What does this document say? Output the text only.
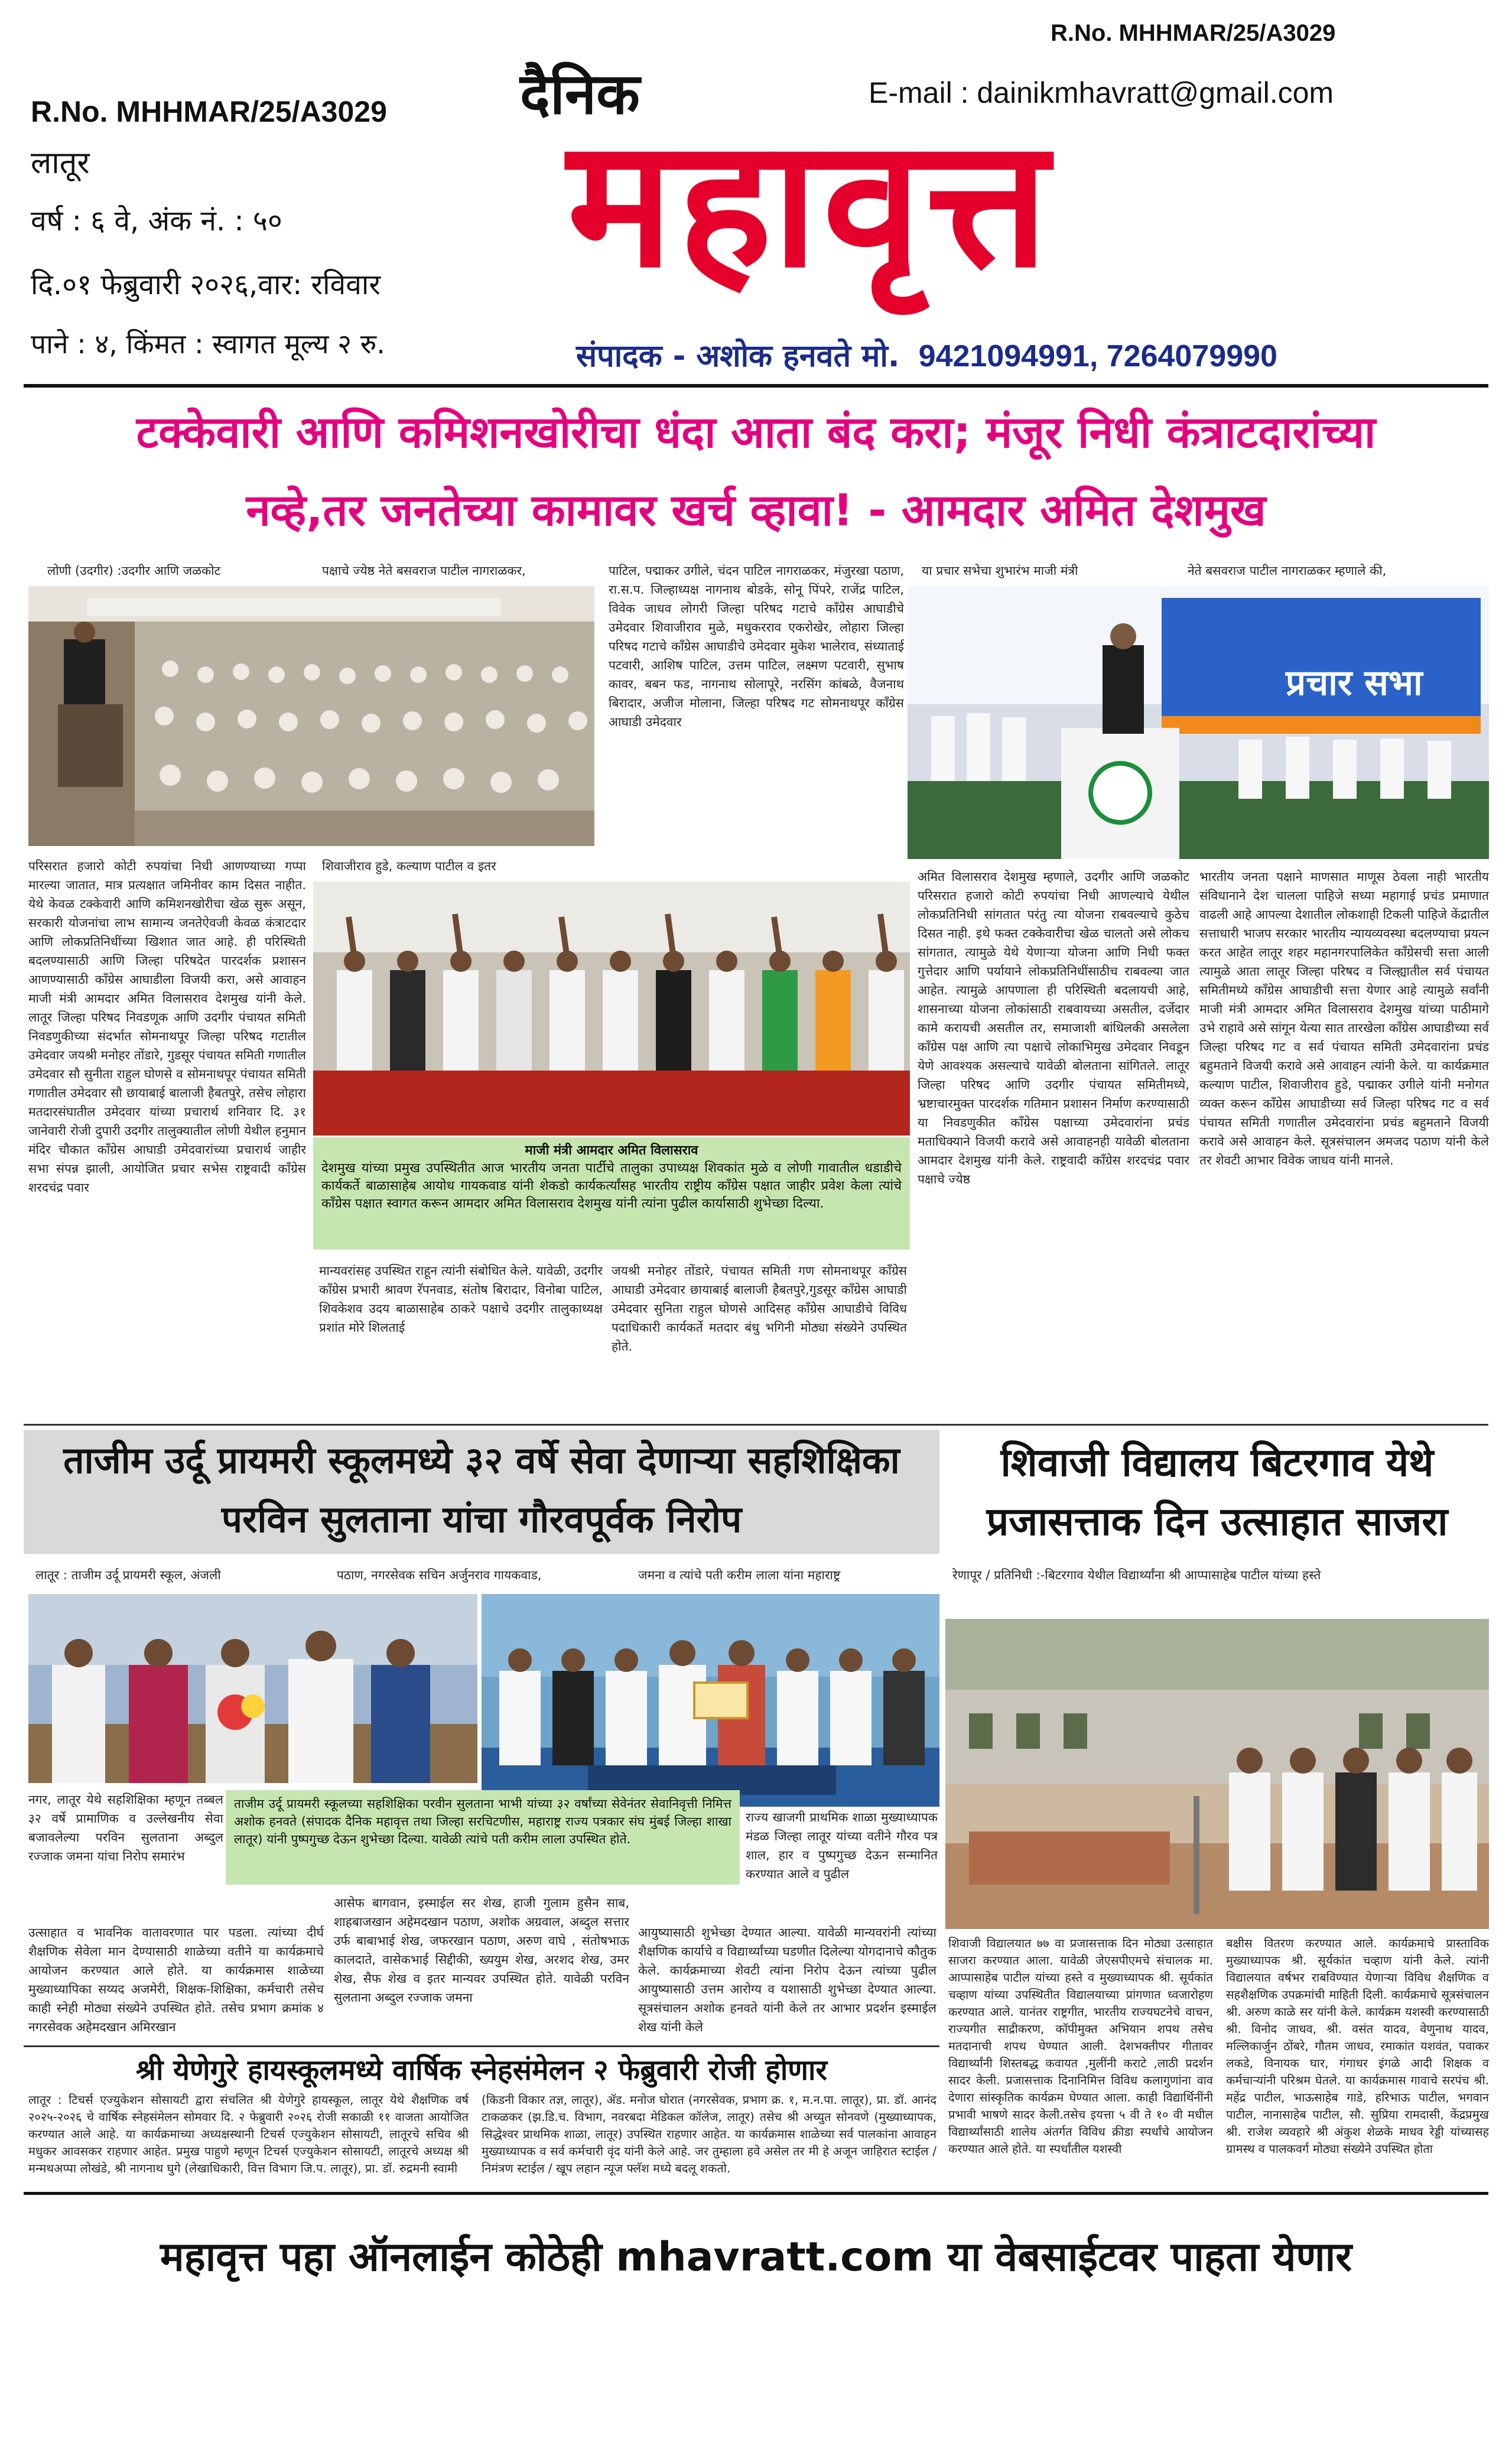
R.No. MHHMAR/25/A3029
लातूर
वर्ष : ६ वे, अंक नं. : ५०
दि.०१ फेब्रुवारी २०२६,वार: रविवार
पाने : ४, किंमत : स्वागत मूल्य २ रु.
दैनिक
महावृत्त
R.No. MHHMAR/25/A3029
E-mail : dainikmhavratt@gmail.com
संपादक - अशोक हनवते मो. 9421094991, 7264079990
टक्केवारी आणि कमिशनखोरीचा धंदा आता बंद करा; मंजूर निधी कंत्राटदारांच्या
नव्हे,तर जनतेच्या कामावर खर्च व्हावा! - आमदार अमित देशमुख
लोणी (उदगीर) :उदगीर आणि जळकोट	पक्षाचे ज्येष्ठ नेते बसवराज पाटील नागराळकर,	पाटिल, पद्माकर उगीले, चंदन पाटिल नागराळकर, मंजुरखा पठाण, रा.स.प. जिल्हाध्यक्ष नागनाथ बोडके, सोनू पिंपरे, राजेंद्र पाटिल, विवेक जाधव लोगरी जिल्हा परिषद गटाचे काँग्रेस आघाडीचे उमेदवार शिवाजीराव मुळे, मधुकरराव एकरोखेर, लोहारा जिल्हा परिषद गटाचे काँग्रेस आघाडीचे उमेदवार मुकेश भालेराव, संध्याताई पटवारी, आशिष पाटिल, उत्तम पाटिल, लक्ष्मण पटवारी, सुभाष कावर, बबन फड, नागनाथ सोलापूरे, नरसिंग कांबळे, वैजनाथ बिरादार, अजीज मोलाना, जिल्हा परिषद गट सोमनाथपूर काँग्रेस आघाडी उमेदवार
या प्रचार सभेचा शुभारंभ माजी मंत्री	नेते बसवराज पाटील नागराळकर म्हणाले की,
प्रचार सभा
परिसरात हजारो कोटी रुपयांचा निधी आणण्याच्या गप्पा मारल्या जातात, मात्र प्रत्यक्षात जमिनीवर काम दिसत नाहीत. येथे केवळ टक्केवारी आणि कमिशनखोरीचा खेळ सुरू असून, सरकारी योजनांचा लाभ सामान्य जनतेऐवजी केवळ कंत्राटदार आणि लोकप्रतिनिधींच्या खिशात जात आहे. ही परिस्थिती बदलण्यासाठी आणि जिल्हा परिषदेत पारदर्शक प्रशासन आणण्यासाठी काँग्रेस आघाडीला विजयी करा, असे आवाहन माजी मंत्री आमदार अमित विलासराव देशमुख यांनी केले. लातूर जिल्हा परिषद निवडणूक आणि उदगीर पंचायत समिती निवडणुकीच्या संदर्भात सोमनाथपूर जिल्हा परिषद गटातील उमेदवार जयश्री मनोहर तोंडारे, गुडसूर पंचायत समिती गणातील उमेदवार सौ सुनीता राहुल घोणसे व सोमनाथपूर पंचायत समिती गणातील उमेदवार सौ छायाबाई बालाजी हैबतपुरे, तसेच लोहारा मतदारसंघातील उमेदवार यांच्या प्रचारार्थ शनिवार दि. ३१ जानेवारी रोजी दुपारी उदगीर तालुक्यातील लोणी येथील हनुमान मंदिर चौकात काँग्रेस आघाडी उमेदवारांच्या प्रचारार्थ जाहीर सभा संपन्न झाली, आयोजित प्रचार सभेस राष्ट्रवादी काँग्रेस शरदचंद्र पवार
शिवाजीराव हुडे, कल्याण पाटील व इतर
अमित विलासराव देशमुख म्हणाले, उदगीर आणि जळकोट परिसरात हजारो कोटी रुपयांचा निधी आणल्याचे येथील लोकप्रतिनिधी सांगतात परंतु त्या योजना राबवल्याचे कुठेच दिसत नाही. इथे फक्त टक्केवारीचा खेळ चालतो असे लोकच सांगतात, त्यामुळे येथे येणाऱ्या योजना आणि निधी फक्त गुत्तेदार आणि पर्यायाने लोकप्रतिनिधींसाठीच राबवल्या जात आहेत. त्यामुळे आपणाला ही परिस्थिती बदलायची आहे, शासनाच्या योजना लोकांसाठी राबवायच्या असतील, दर्जेदार कामे करायची असतील तर, समाजाशी बांधिलकी असलेला काँग्रेस पक्ष आणि त्या पक्षाचे लोकाभिमुख उमेदवार निवडून येणे आवश्यक असल्याचे यावेळी बोलताना सांगितले. लातूर जिल्हा परिषद आणि उदगीर पंचायत समितीमध्ये, भ्रष्टाचारमुक्त पारदर्शक गतिमान प्रशासन निर्माण करण्यासाठी या निवडणुकीत काँग्रेस पक्षाच्या उमेदवारांना प्रचंड मताधिक्याने विजयी करावे असे आवाहनही यावेळी बोलताना आमदार देशमुख यांनी केले. राष्ट्रवादी काँग्रेस शरदचंद्र पवार पक्षाचे ज्येष्ठ
भारतीय जनता पक्षाने माणसात माणूस ठेवला नाही भारतीय संविधानाने देश चालला पाहिजे सध्या महागाई प्रचंड प्रमाणात वाढली आहे आपल्या देशातील लोकशाही टिकली पाहिजे केंद्रातील सत्ताधारी भाजप सरकार भारतीय न्यायव्यवस्था बदलण्याचा प्रयत्न करत आहेत लातूर शहर महानगरपालिकेत काँग्रेसची सत्ता आली त्यामुळे आता लातूर जिल्हा परिषद व जिल्ह्यातील सर्व पंचायत समितीमध्ये काँग्रेस आघाडीची सत्ता येणार आहे त्यामुळे सर्वांनी माजी मंत्री आमदार अमित विलासराव देशमुख यांच्या पाठीमागे उभे राहावे असे सांगून येत्या सात तारखेला काँग्रेस आघाडीच्या सर्व जिल्हा परिषद गट व सर्व पंचायत समिती उमेदवारांना प्रचंड बहुमताने विजयी करावे असे आवाहन त्यांनी केले. या कार्यक्रमात कल्याण पाटील, शिवाजीराव हुडे, पद्माकर उगीले यांनी मनोगत व्यक्त करून काँग्रेस आघाडीच्या सर्व जिल्हा परिषद गट व सर्व पंचायत समिती गणातील उमेदवारांना प्रचंड बहुमताने विजयी करावे असे आवाहन केले. सूत्रसंचालन अमजद पठाण यांनी केले तर शेवटी आभार विवेक जाधव यांनी मानले.
माजी मंत्री आमदार अमित विलासराव
देशमुख यांच्या प्रमुख उपस्थितीत आज भारतीय जनता पार्टीचे तालुका उपाध्यक्ष शिवकांत मुळे व लोणी गावातील धडाडीचे कार्यकर्ते बाळासाहेब आयोध गायकवाड यांनी शेकडो कार्यकर्त्यांसह भारतीय राष्ट्रीय काँग्रेस पक्षात जाहीर प्रवेश केला त्यांचे काँग्रेस पक्षात स्वागत करून आमदार अमित विलासराव देशमुख यांनी त्यांना पुढील कार्यासाठी शुभेच्छा दिल्या.
मान्यवरांसह उपस्थित राहून त्यांनी संबोधित केले. यावेळी, उदगीर काँग्रेस प्रभारी श्रावण रॅपनवाड, संतोष बिरादार, विनोबा पाटिल, शिवकेशव उदय बाळासाहेब ठाकरे पक्षाचे उदगीर तालुकाध्यक्ष प्रशांत मोरे शिलताई
जयश्री मनोहर तोंडारे, पंचायत समिती गण सोमनाथपूर काँग्रेस आघाडी उमेदवार छायाबाई बालाजी हैबतपुरे,गुडसूर काँग्रेस आघाडी उमेदवार सुनिता राहुल घोणसे आदिसह काँग्रेस आघाडीचे विविध पदाधिकारी कार्यकर्ते मतदार बंधु भगिनी मोठ्या संख्येने उपस्थित होते.
ताजीम उर्दू प्रायमरी स्कूलमध्ये ३२ वर्षे सेवा देणाऱ्या सहशिक्षिका
परविन सुलताना यांचा गौरवपूर्वक निरोप
लातूर : ताजीम उर्दू प्रायमरी स्कूल, अंजली	पठाण, नगरसेवक सचिन अर्जुनराव गायकवाड,	जमना व त्यांचे पती करीम लाला यांना महाराष्ट्र
नगर, लातूर येथे सहशिक्षिका म्हणून तब्बल ३२ वर्षे प्रामाणिक व उल्लेखनीय सेवा बजावलेल्या परविन सुलताना अब्दुल रज्जाक जमना यांचा निरोप समारंभ
ताजीम उर्दू प्रायमरी स्कूलच्या सहशिक्षिका परवीन सुलताना भाभी यांच्या ३२ वर्षांच्या सेवेनंतर सेवानिवृत्ती निमित्त अशोक हनवते (संपादक दैनिक महावृत्त तथा जिल्हा सरचिटणीस, महाराष्ट्र राज्य पत्रकार संघ मुंबई जिल्हा शाखा लातूर) यांनी पुष्पगुच्छ देऊन शुभेच्छा दिल्या. यावेळी त्यांचे पती करीम लाला उपस्थित होते.
राज्य खाजगी प्राथमिक शाळा मुख्याध्यापक मंडळ जिल्हा लातूर यांच्या वतीने गौरव पत्र शाल, हार व पुष्पगुच्छ देऊन सन्मानित करण्यात आले व पुढील
उत्साहात व भावनिक वातावरणात पार पडला. त्यांच्या दीर्घ शैक्षणिक सेवेला मान देण्यासाठी शाळेच्या वतीने या कार्यक्रमाचे आयोजन करण्यात आले होते. या कार्यक्रमास शाळेच्या मुख्याध्यापिका सय्यद अजमेरी, शिक्षक-शिक्षिका, कर्मचारी तसेच काही स्नेही मोठ्या संख्येने उपस्थित होते. तसेच प्रभाग क्रमांक ४ नगरसेवक अहेमदखान अमिरखान
आसेफ बागवान, इस्माईल सर शेख, हाजी गुलाम हुसैन साब, शाहबाजखान अहेमदखान पठाण, अशोक अग्रवाल, अब्दुल सत्तार उर्फ बाबाभाई शेख, जफरखान पठाण, अरुण वाघे , संतोषभाऊ कालदाते, वासेकभाई सिद्दीकी, ख्ययुम शेख, अरशद शेख, उमर शेख, सैफ शेख व इतर मान्यवर उपस्थित होते. यावेळी परविन सुलताना अब्दुल रज्जाक जमना
आयुष्यासाठी शुभेच्छा देण्यात आल्या. यावेळी मान्यवरांनी त्यांच्या शैक्षणिक कार्याचे व विद्यार्थ्यांच्या घडणीत दिलेल्या योगदानाचे कौतुक केले. कार्यक्रमाच्या शेवटी त्यांना निरोप देऊन त्यांच्या पुढील आयुष्यासाठी उत्तम आरोग्य व यशासाठी शुभेच्छा देण्यात आल्या. सूत्रसंचालन अशोक हनवते यांनी केले तर आभार प्रदर्शन इस्माईल शेख यांनी केले
शिवाजी विद्यालय बिटरगाव येथे
प्रजासत्ताक दिन उत्साहात साजरा
रेणापूर / प्रतिनिधी :-बिटरगाव येथील विद्यार्थ्यांना श्री आप्पासाहेब पाटील यांच्या हस्ते
शिवाजी विद्यालयात ७७ वा प्रजासत्ताक दिन मोठ्या उत्साहात साजरा करण्यात आला. यावेळी जेएसपीएमचे संचालक मा. आप्पासाहेब पाटील यांच्या हस्ते व मुख्याध्यापक श्री. सूर्यकांत चव्हाण यांच्या उपस्थितीत विद्यालयाच्या प्रांगणात ध्वजारोहण करण्यात आले. यानंतर राष्ट्रगीत, भारतीय राज्यघटनेचे वाचन, राज्यगीत साद्रीकरण, कॉपीमुक्त अभियान शपथ तसेच मतदानाची शपथ घेण्यात आली. देशभक्तीपर गीतावर विद्यार्थ्यांनी शिस्तबद्ध कवायत ,मुलींनी कराटे ,लाठी प्रदर्शन सादर केली. प्रजासत्ताक दिनानिमित्त विविध कलागुणांना वाव देणारा सांस्कृतिक कार्यक्रम घेण्यात आला. काही विद्यार्थिनींनी प्रभावी भाषणे सादर केली.तसेच इयत्ता ५ वी ते १० वी मधील विद्यार्थ्यांसाठी शालेय अंतर्गत विविध क्रीडा स्पर्धांचे आयोजन करण्यात आले होते. या स्पर्धांतील यशस्वी
बक्षीस वितरण करण्यात आले. कार्यक्रमाचे प्रास्ताविक मुख्याध्यापक श्री. सूर्यकांत चव्हाण यांनी केले. त्यांनी विद्यालयात वर्षभर राबविण्यात येणाऱ्या विविध शैक्षणिक व सहशैक्षणिक उपक्रमांची माहिती दिली. कार्यक्रमाचे सूत्रसंचालन श्री. अरुण काळे सर यांनी केले. कार्यक्रम यशस्वी करण्यासाठी श्री. विनोद जाधव, श्री. वसंत यादव, वेणुनाथ यादव, मल्लिकार्जुन ठोंबरे, गौतम जाधव, रमाकांत यशवंत, पवाकर लकडे, विनायक घार, गंगाधर इंगळे आदी शिक्षक व कर्मचाऱ्यांनी परिश्रम घेतले. या कार्यक्रमास गावाचे सरपंच श्री. महेंद्र पाटील, भाऊसाहेब गाडे, हरिभाऊ पाटील, भगवान पाटील, नानासाहेब पाटील, सौ. सुप्रिया रामदासी, केंद्रप्रमुख श्री. राजेश व्यवहारे श्री अंकुश शेळके माधव रेड्डी यांच्यासह ग्रामस्थ व पालकवर्ग मोठ्या संख्येने उपस्थित होता
श्री येणेगुरे हायस्कूलमध्ये वार्षिक स्नेहसंमेलन २ फेब्रुवारी रोजी होणार
लातूर : टिचर्स एज्युकेशन सोसायटी द्वारा संचलित श्री येणेगुरे हायस्कूल, लातूर येथे शैक्षणिक वर्ष २०२५-२०२६ चे वार्षिक स्नेहसंमेलन सोमवार दि. २ फेब्रुवारी २०२६ रोजी सकाळी ११ वाजता आयोजित करण्यात आले आहे. या कार्यक्रमाच्या अध्यक्षस्थानी टिचर्स एज्युकेशन सोसायटी, लातूरचे सचिव श्री मधुकर आवसकर राहणार आहेत. प्रमुख पाहुणे म्हणून टिचर्स एज्युकेशन सोसायटी, लातूरचे अध्यक्ष श्री मन्मथअप्पा लोखंडे, श्री नागनाथ घुगे (लेखाधिकारी, वित्त विभाग जि.प. लातूर), प्रा. डॉ. रुद्रमनी स्वामी
(किडनी विकार तज्ञ, लातूर), ॲड. मनोज घोरात (नगरसेवक, प्रभाग क्र. १, म.न.पा. लातूर), प्रा. डॉ. आनंद टाकळकर (झ.डि.च. विभाग, नवरबदा मेडिकल कॉलेज, लातूर) तसेच श्री अच्युत सोनवणे (मुख्याध्यापक, सिद्धेश्वर प्राथमिक शाळा, लातूर) उपस्थित राहणार आहेत. या कार्यक्रमास शाळेच्या सर्व पालकांना आवाहन मुख्याध्यापक व सर्व कर्मचारी वृंद यांनी केले आहे. जर तुम्हाला हवे असेल तर मी हे अजून जाहिरात स्टाईल / निमंत्रण स्टाईल / खूप लहान न्यूज फ्लॅश मध्ये बदलू शकतो.
महावृत्त पहा ऑनलाईन कोठेही mhavratt.com या वेबसाईटवर पाहता येणार
